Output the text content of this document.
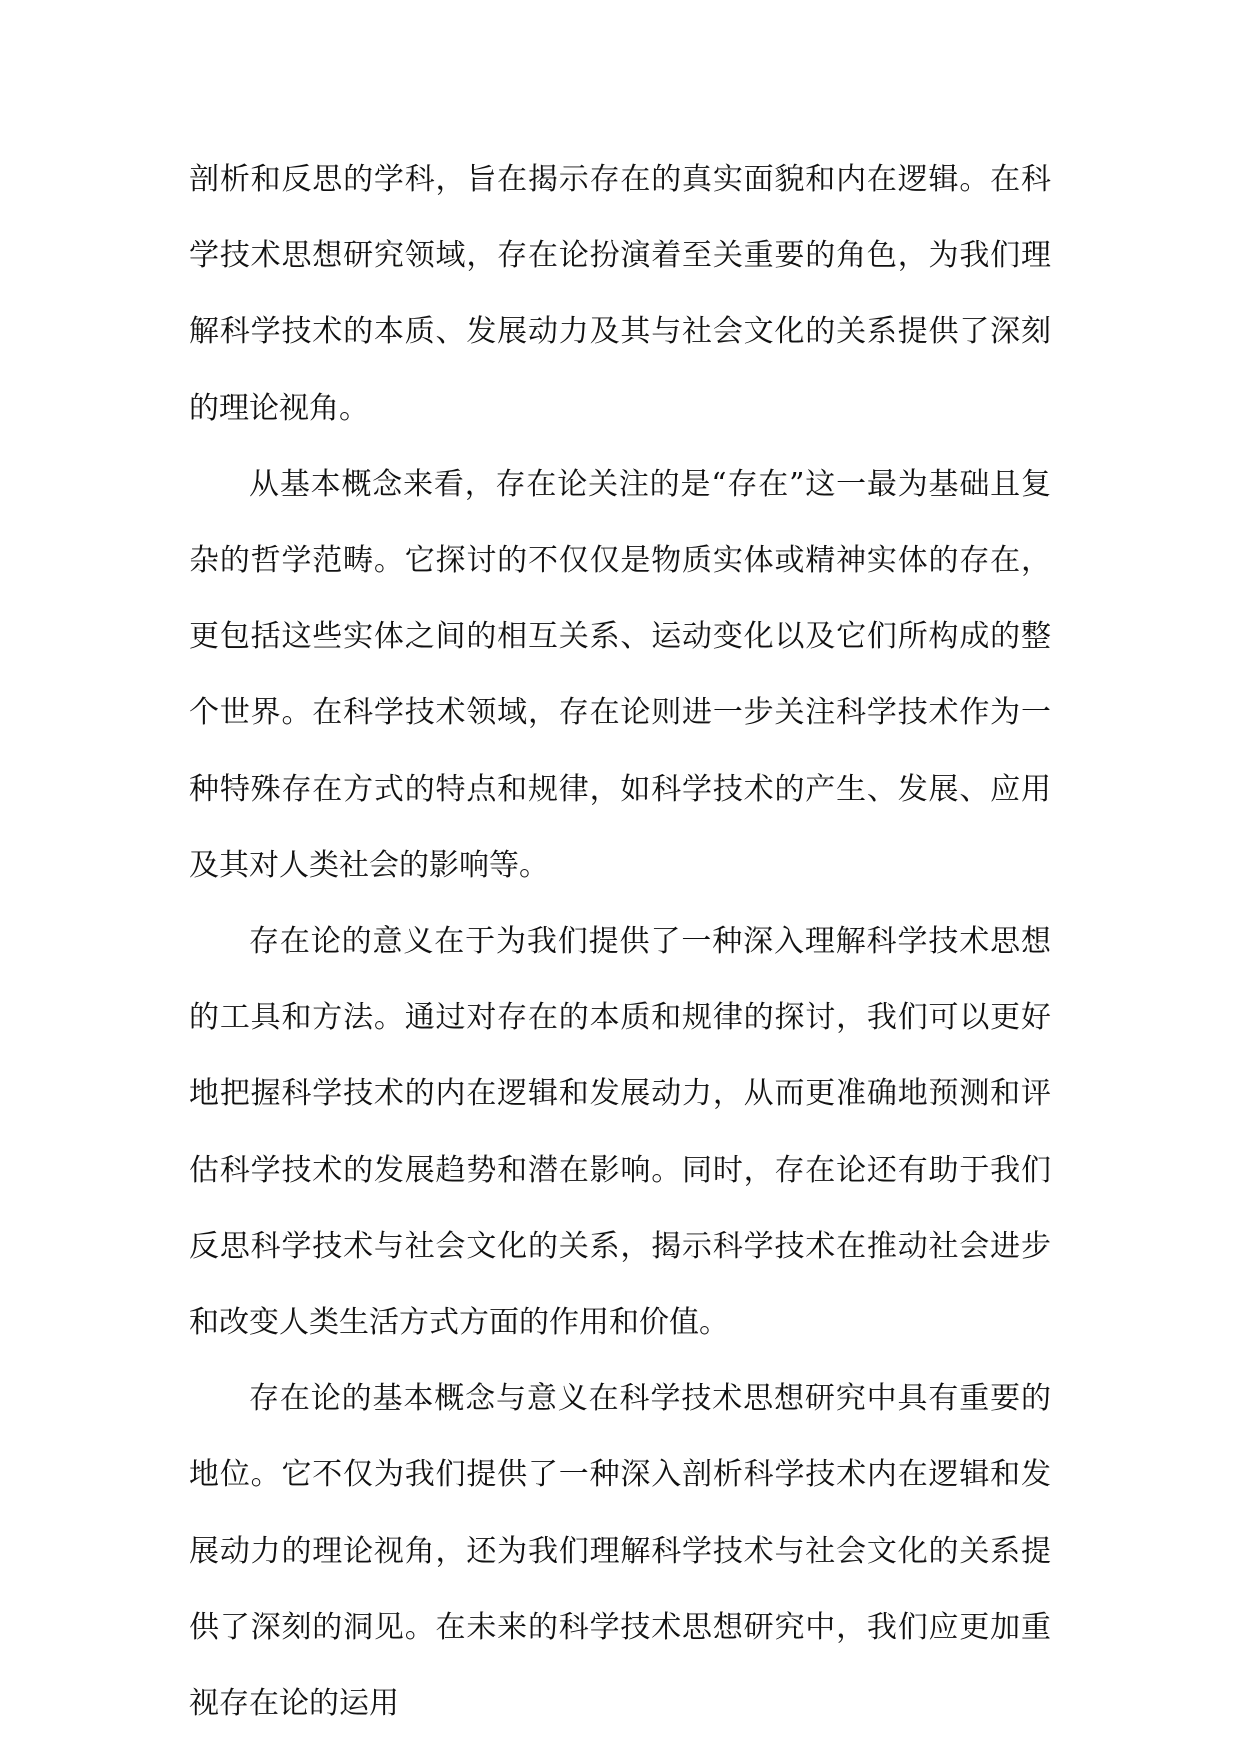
剖析和反思的学科，旨在揭示存在的真实面貌和内在逻辑。在科学技术思想研究领域，存在论扮演着至关重要的角色，为我们理解科学技术的本质、发展动力及其与社会文化的关系提供了深刻的理论视角。

从基本概念来看，存在论关注的是“存在”这一最为基础且复杂的哲学范畴。它探讨的不仅仅是物质实体或精神实体的存在，更包括这些实体之间的相互关系、运动变化以及它们所构成的整个世界。在科学技术领域，存在论则进一步关注科学技术作为一种特殊存在方式的特点和规律，如科学技术的产生、发展、应用及其对人类社会的影响等。

存在论的意义在于为我们提供了一种深入理解科学技术思想的工具和方法。通过对存在的本质和规律的探讨，我们可以更好地把握科学技术的内在逻辑和发展动力，从而更准确地预测和评估科学技术的发展趋势和潜在影响。同时，存在论还有助于我们反思科学技术与社会文化的关系，揭示科学技术在推动社会进步和改变人类生活方式方面的作用和价值。

存在论的基本概念与意义在科学技术思想研究中具有重要的地位。它不仅为我们提供了一种深入剖析科学技术内在逻辑和发展动力的理论视角，还为我们理解科学技术与社会文化的关系提供了深刻的洞见。在未来的科学技术思想研究中，我们应更加重视存在论的运用
